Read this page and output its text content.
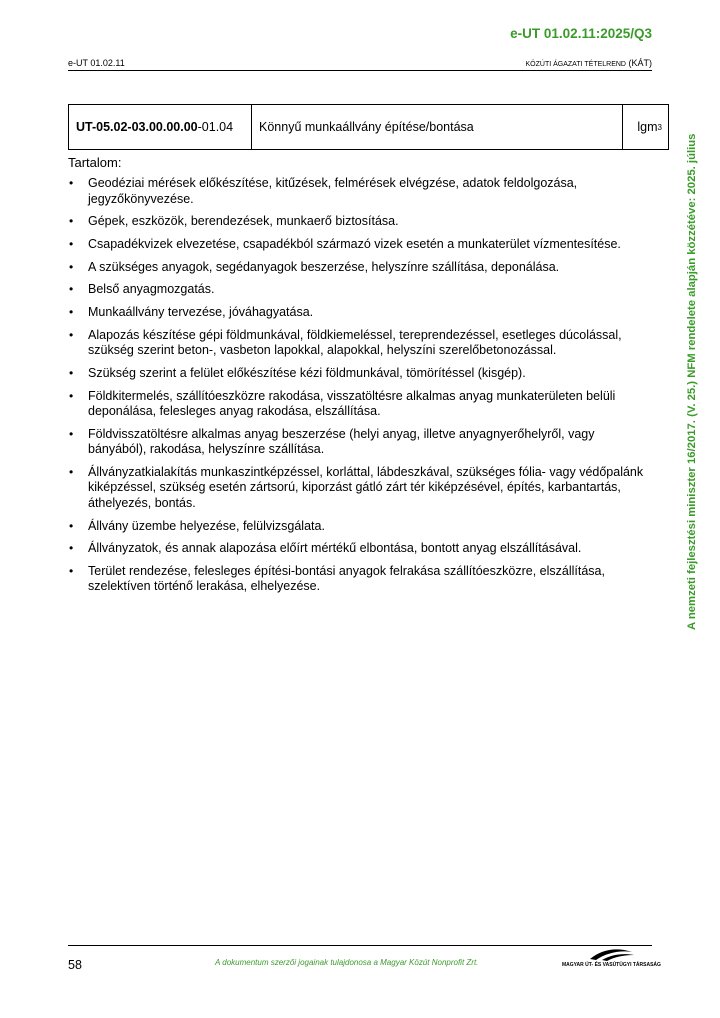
e-UT 01.02.11:2025/Q3
e-UT 01.02.11	KÖZÚTI ÁGAZATI TÉTELREND (KÁT)
UT-05.02-03.00.00.00 -01.04	Könnyű munkaállvány építése/bontása	lgm 3
Tartalom:
• Geodéziai mérések előkészítése, kitűzések, felmérések elvégzése, adatok feldolgozása, jegyzőkönyvezése.
• Gépek, eszközök, berendezések, munkaerő biztosítása.
• Csapadékvizek elvezetése, csapadékból származó vizek esetén a munkaterület vízmentesítése.
• A szükséges anyagok, segédanyagok beszerzése, helyszínre szállítása, deponálása.
• Belső anyagmozgatás.
• Munkaállvány tervezése, jóváhagyatása.
• Alapozás készítése gépi földmunkával, földkiemeléssel, tereprendezéssel, esetleges dúcolással, szükség szerint beton-, vasbeton lapokkal, alapokkal, helyszíni szerelőbetonozással.
• Szükség szerint a felület előkészítése kézi földmunkával, tömörítéssel (kisgép).
• Földkitermelés, szállítóeszközre rakodása, visszatöltésre alkalmas anyag munkaterületen belüli deponálása, felesleges anyag rakodása, elszállítása.
• Földvisszatöltésre alkalmas anyag beszerzése (helyi anyag, illetve anyagnyerőhelyről, vagy bányából), rakodása, helyszínre szállítása.
• Állványzatkialakítás munkaszintképzéssel, korláttal, lábdeszkával, szükséges fólia- vagy védőpalánk kiképzéssel, szükség esetén zártsorú, kiporzást gátló zárt tér kiképzésével, építés, karbantartás, áthelyezés, bontás.
• Állvány üzembe helyezése, felülvizsgálata.
• Állványzatok, és annak alapozása előírt mértékű elbontása, bontott anyag elszállításával.
• Terület rendezése, felesleges építési-bontási anyagok felrakása szállítóeszközre, elszállítása, szelektíven történő lerakása, elhelyezése.	A nemzeti fejlesztési miniszter 16/2017. (V. 25.) NFM rendelete alapján közzétéve: 2025. július
58	A dokumentum szerzői jogainak tulajdonosa a Magyar Közút Nonprofit Zrt.	MAGYAR ÚT- ÉS VASÚTÜGYI TÁRSASÁG
